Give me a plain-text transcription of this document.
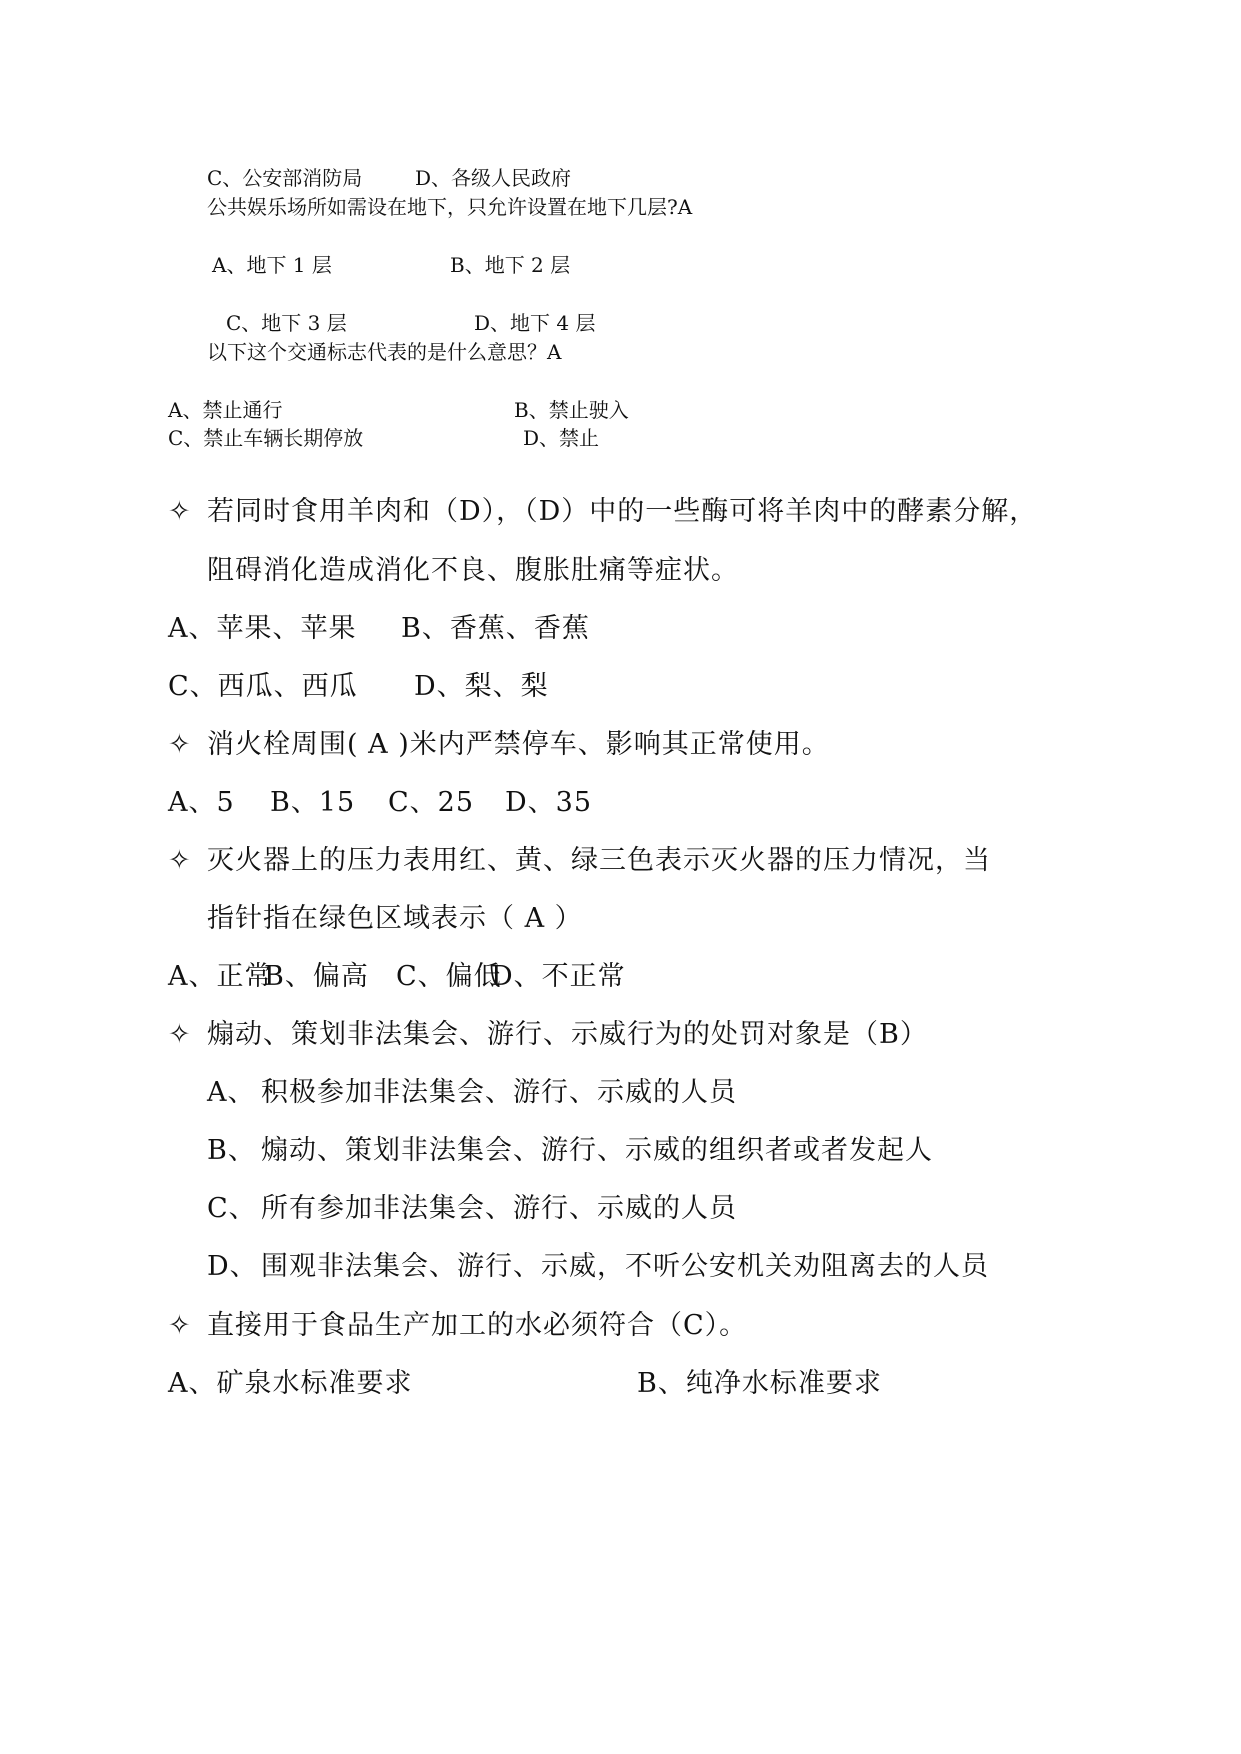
C、公安部消防局	D、各级人民政府
公共娱乐场所如需设在地下，只允许设置在地下几层?A
A、地下 1 层	B、地下 2 层
C、地下 3 层	D、地下 4 层
以下这个交通标志代表的是什么意思？A
A、禁止通行	B、禁止驶入
C、禁止车辆长期停放	D、禁止
✧ 若同时食用羊肉和（D），（D）中的一些酶可将羊肉中的酵素分解，
阻碍消化造成消化不良、腹胀肚痛等症状。
A、苹果、苹果 B、香蕉、香蕉
C、西瓜、西瓜 D、梨、梨
✧ 消火栓周围( A )米内严禁停车、影响其正常使用。
A、5 B、15 C、25 D、35
✧ 灭火器上的压力表用红、黄、绿三色表示灭火器的压力情况，当
指针指在绿色区域表示（ A ）
A、正常
B、偏高 C、偏低
D、不正常
✧ 煽动、策划非法集会、游行、示威行为的处罚对象是（B）
A、 积极参加非法集会、游行、示威的人员
B、 煽动、策划非法集会、游行、示威的组织者或者发起人
C、 所有参加非法集会、游行、示威的人员
D、 围观非法集会、游行、示威，不听公安机关劝阻离去的人员
✧ 直接用于食品生产加工的水必须符合（C）。
A、矿泉水标准要求	B、纯净水标准要求
